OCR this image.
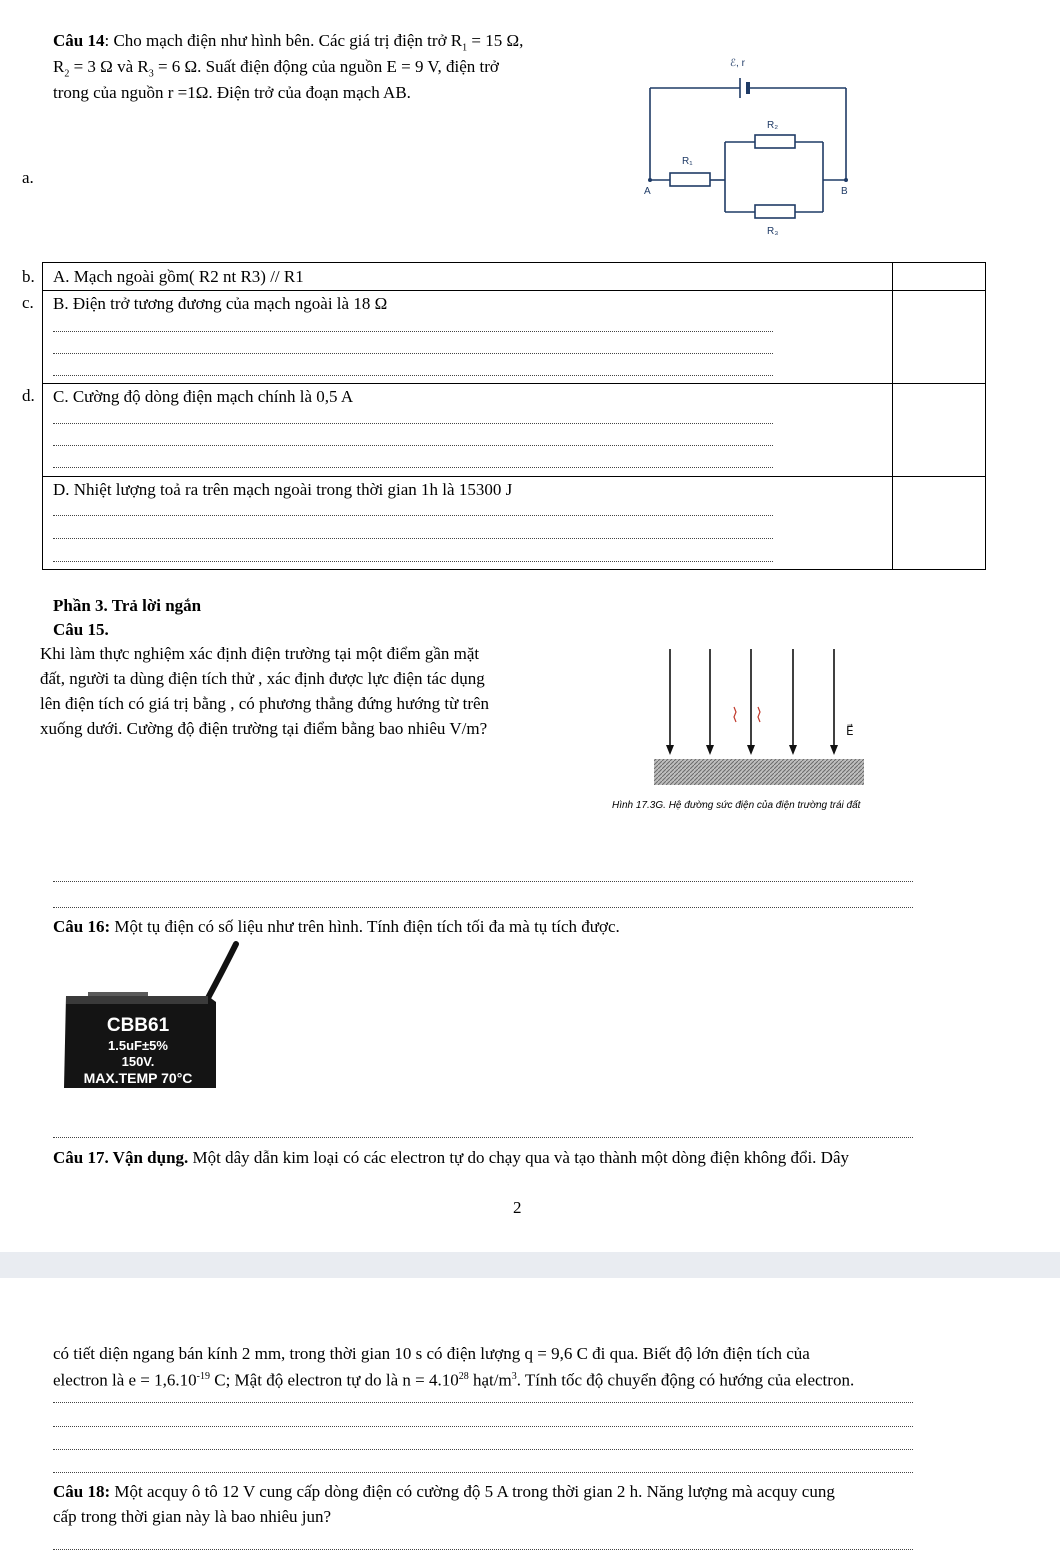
Câu 14: Cho mạch điện như hình bên. Các giá trị điện trở $R_1 = 15$ Ω,
$R_2 = 3$ Ω và $R_3 = 6$ Ω. Suất điện động của nguồn E = 9 V, điện trở
trong của nguồn r =1Ω. Điện trở của đoạn mạch AB.
a.
ℰ, r
R₁
R₂
R₃
A	B
b.
c.
d.
A. Mạch ngoài gồm( R2 nt R3) // R1
B. Điện trở tương đương của mạch ngoài là 18 Ω
C. Cường độ dòng điện mạch chính là 0,5 A
D. Nhiệt lượng toả ra trên mạch ngoài trong thời gian 1h là 15300 J
Phần 3. Trả lời ngắn
Câu 15.
Khi làm thực nghiệm xác định điện trường tại một điểm gần mặt
đất, người ta dùng điện tích thử , xác định được lực điện tác dụng
lên điện tích có giá trị bằng , có phương thẳng đứng hướng từ trên
xuống dưới. Cường độ điện trường tại điểm bằng bao nhiêu V/m?	E⃗
Hình 17.3G. Hệ đường sức điện của điện trường trái đất
Câu 16: Một tụ điện có số liệu như trên hình. Tính điện tích tối đa mà tụ tích được.
CBB61
1.5uF±5%
150V.
MAX.TEMP 70°C
Câu 17. Vận dụng. Một dây dẫn kim loại có các electron tự do chạy qua và tạo thành một dòng điện không đổi. Dây
2
có tiết diện ngang bán kính 2 mm, trong thời gian 10 s có điện lượng q = 9,6 C đi qua. Biết độ lớn điện tích của
electron là $e = 1,6.10^{-19}$ C; Mật độ electron tự do là $n = 4.10^{28}$ hạt/$m^3$. Tính tốc độ chuyển động có hướng của electron.
Câu 18: Một acquy ô tô 12 V cung cấp dòng điện có cường độ 5 A trong thời gian 2 h. Năng lượng mà acquy cung
cấp trong thời gian này là bao nhiêu jun?
